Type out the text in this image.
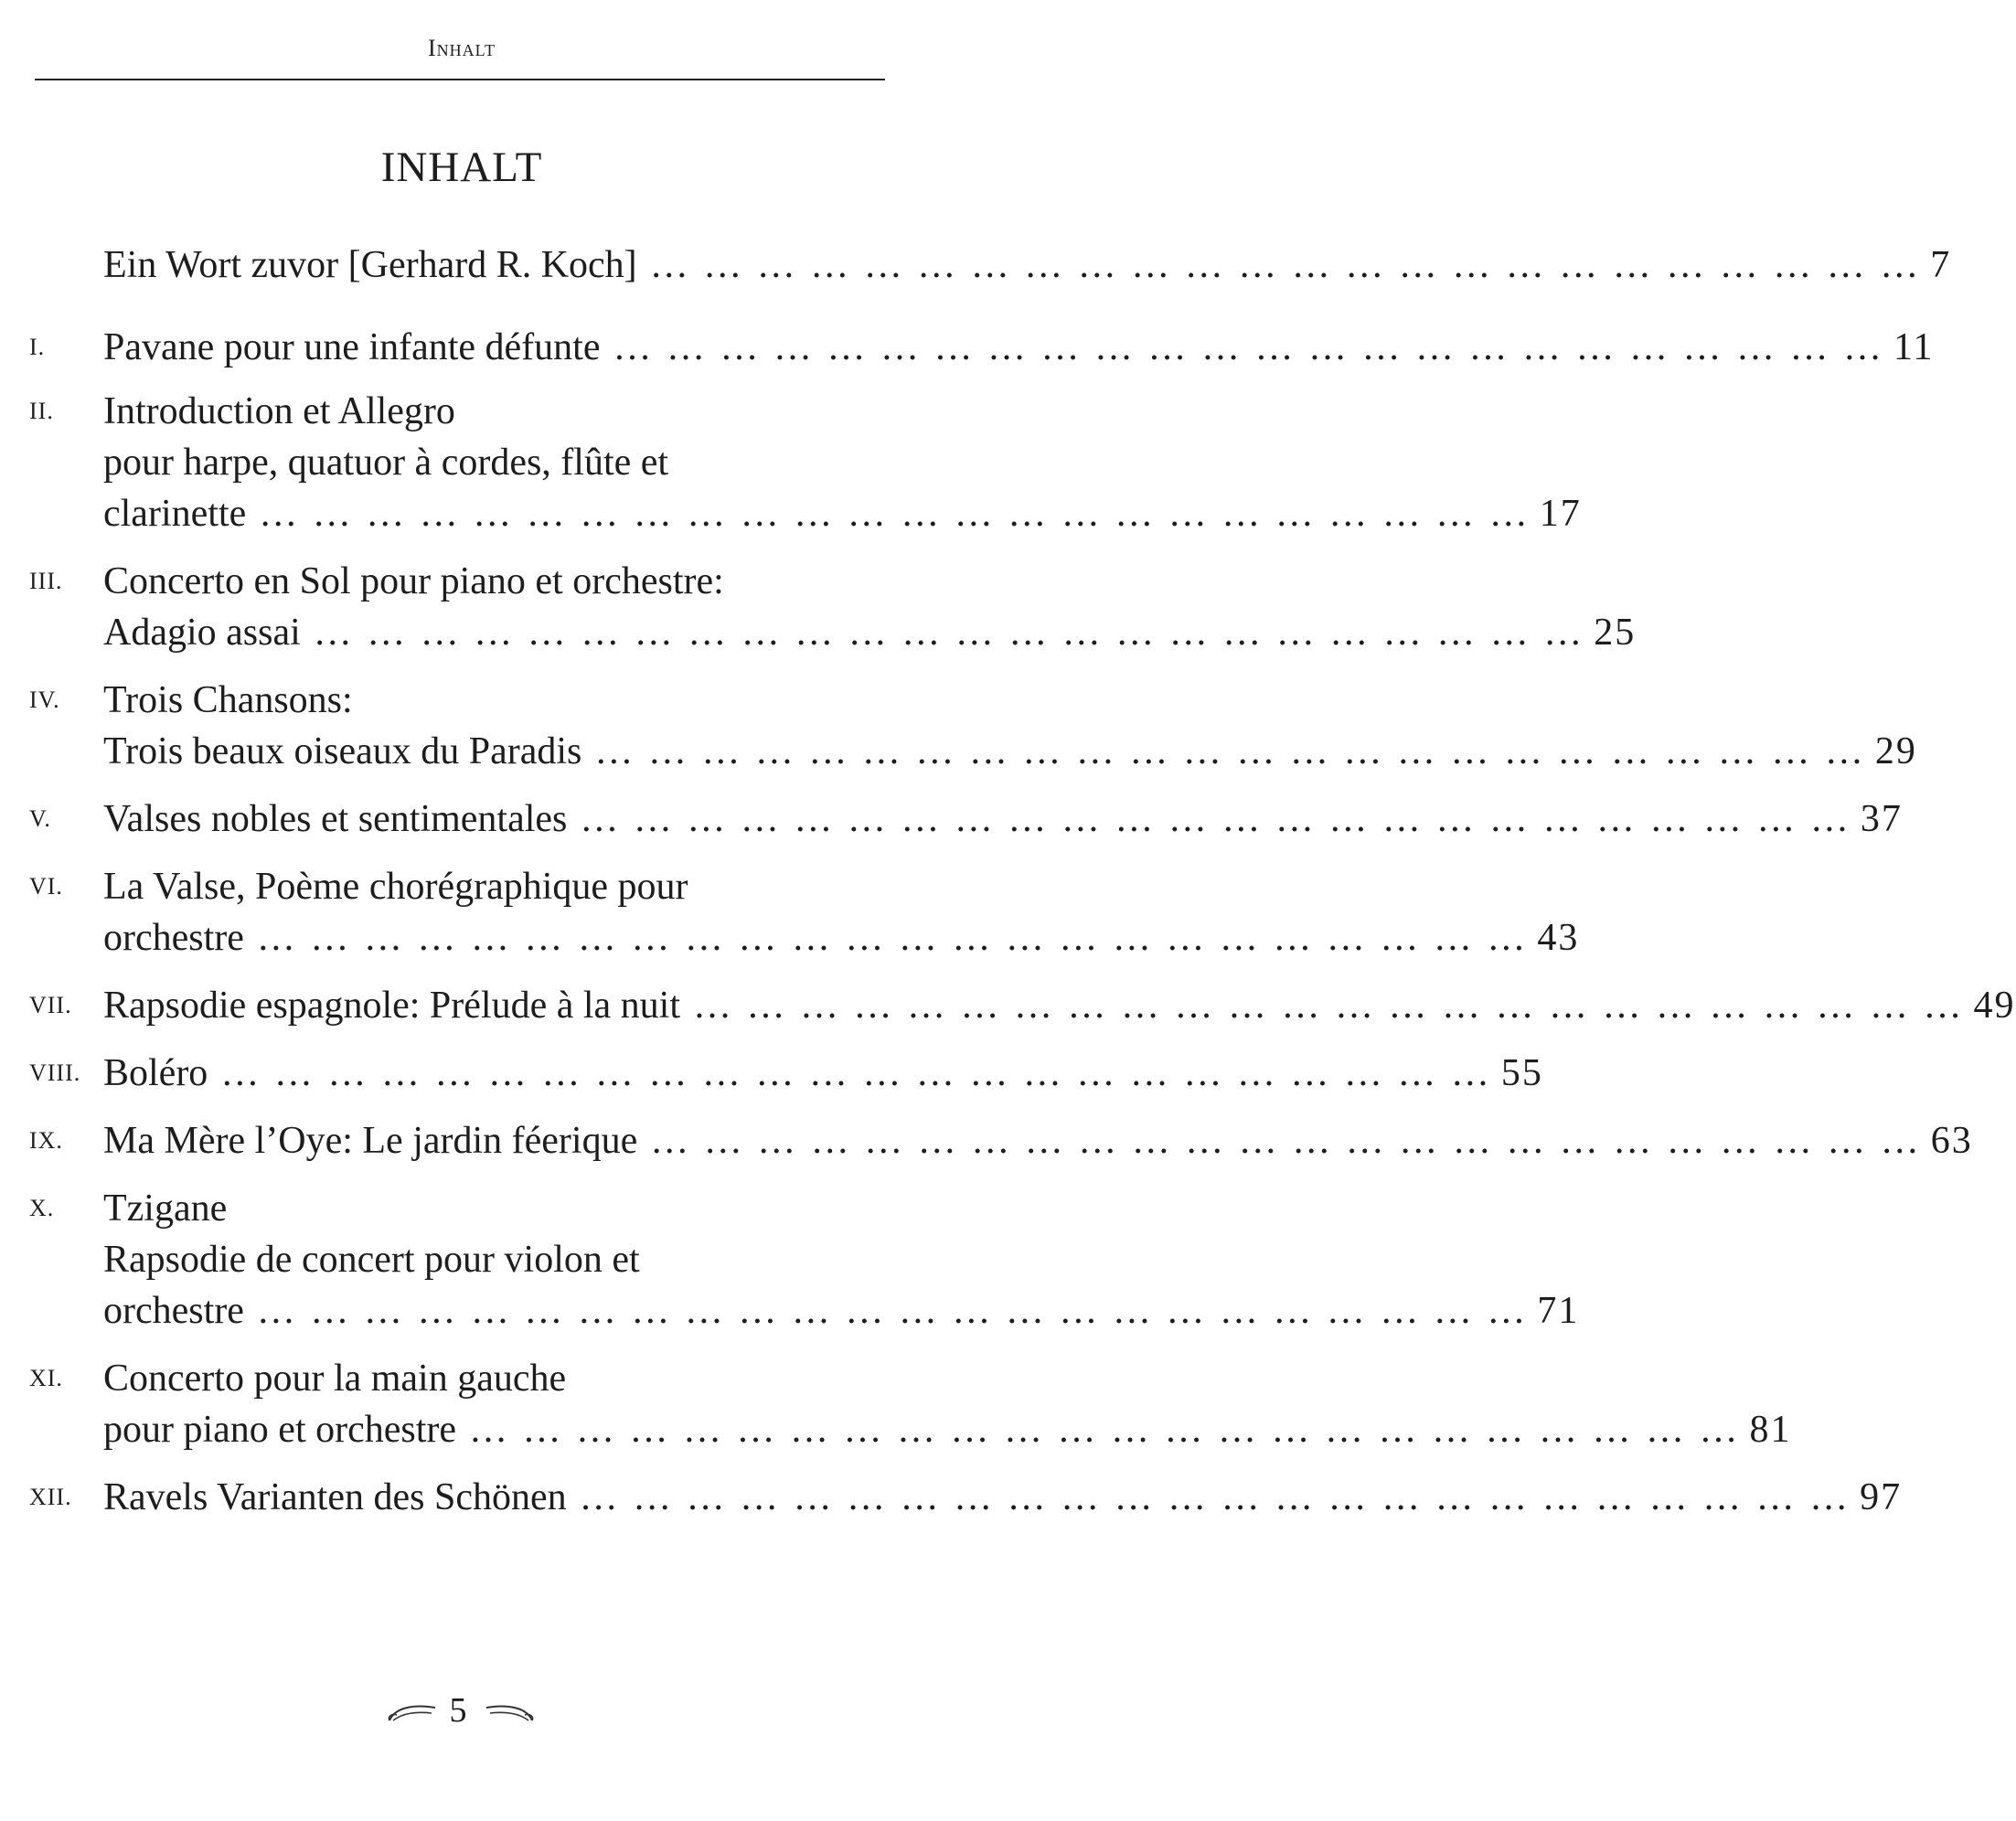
Inhalt
INHALT
Ein Wort zuvor [Gerhard R. Koch] … … … … … … … … … … … … … … … … … … … … … … … … 7
I. Pavane pour une infante défunte … … … … … … … … … … … … … … … … … … … … … … … … 11
II. Introduction et Allegro
pour harpe, quatuor à cordes, flûte et
clarinette … … … … … … … … … … … … … … … … … … … … … … … … 17
III. Concerto en Sol pour piano et orchestre:
Adagio assai … … … … … … … … … … … … … … … … … … … … … … … … 25
IV. Trois Chansons:
Trois beaux oiseaux du Paradis … … … … … … … … … … … … … … … … … … … … … … … … 29
V. Valses nobles et sentimentales … … … … … … … … … … … … … … … … … … … … … … … … 37
VI. La Valse, Poème chorégraphique pour
orchestre … … … … … … … … … … … … … … … … … … … … … … … … 43
VII. Rapsodie espagnole: Prélude à la nuit … … … … … … … … … … … … … … … … … … … … … … … … 49
VIII. Boléro … … … … … … … … … … … … … … … … … … … … … … … … 55
IX. Ma Mère l’Oye: Le jardin féerique … … … … … … … … … … … … … … … … … … … … … … … … 63
X. Tzigane
Rapsodie de concert pour violon et
orchestre … … … … … … … … … … … … … … … … … … … … … … … … 71
XI. Concerto pour la main gauche
pour piano et orchestre … … … … … … … … … … … … … … … … … … … … … … … … 81
XII. Ravels Varianten des Schönen … … … … … … … … … … … … … … … … … … … … … … … … 97
5
